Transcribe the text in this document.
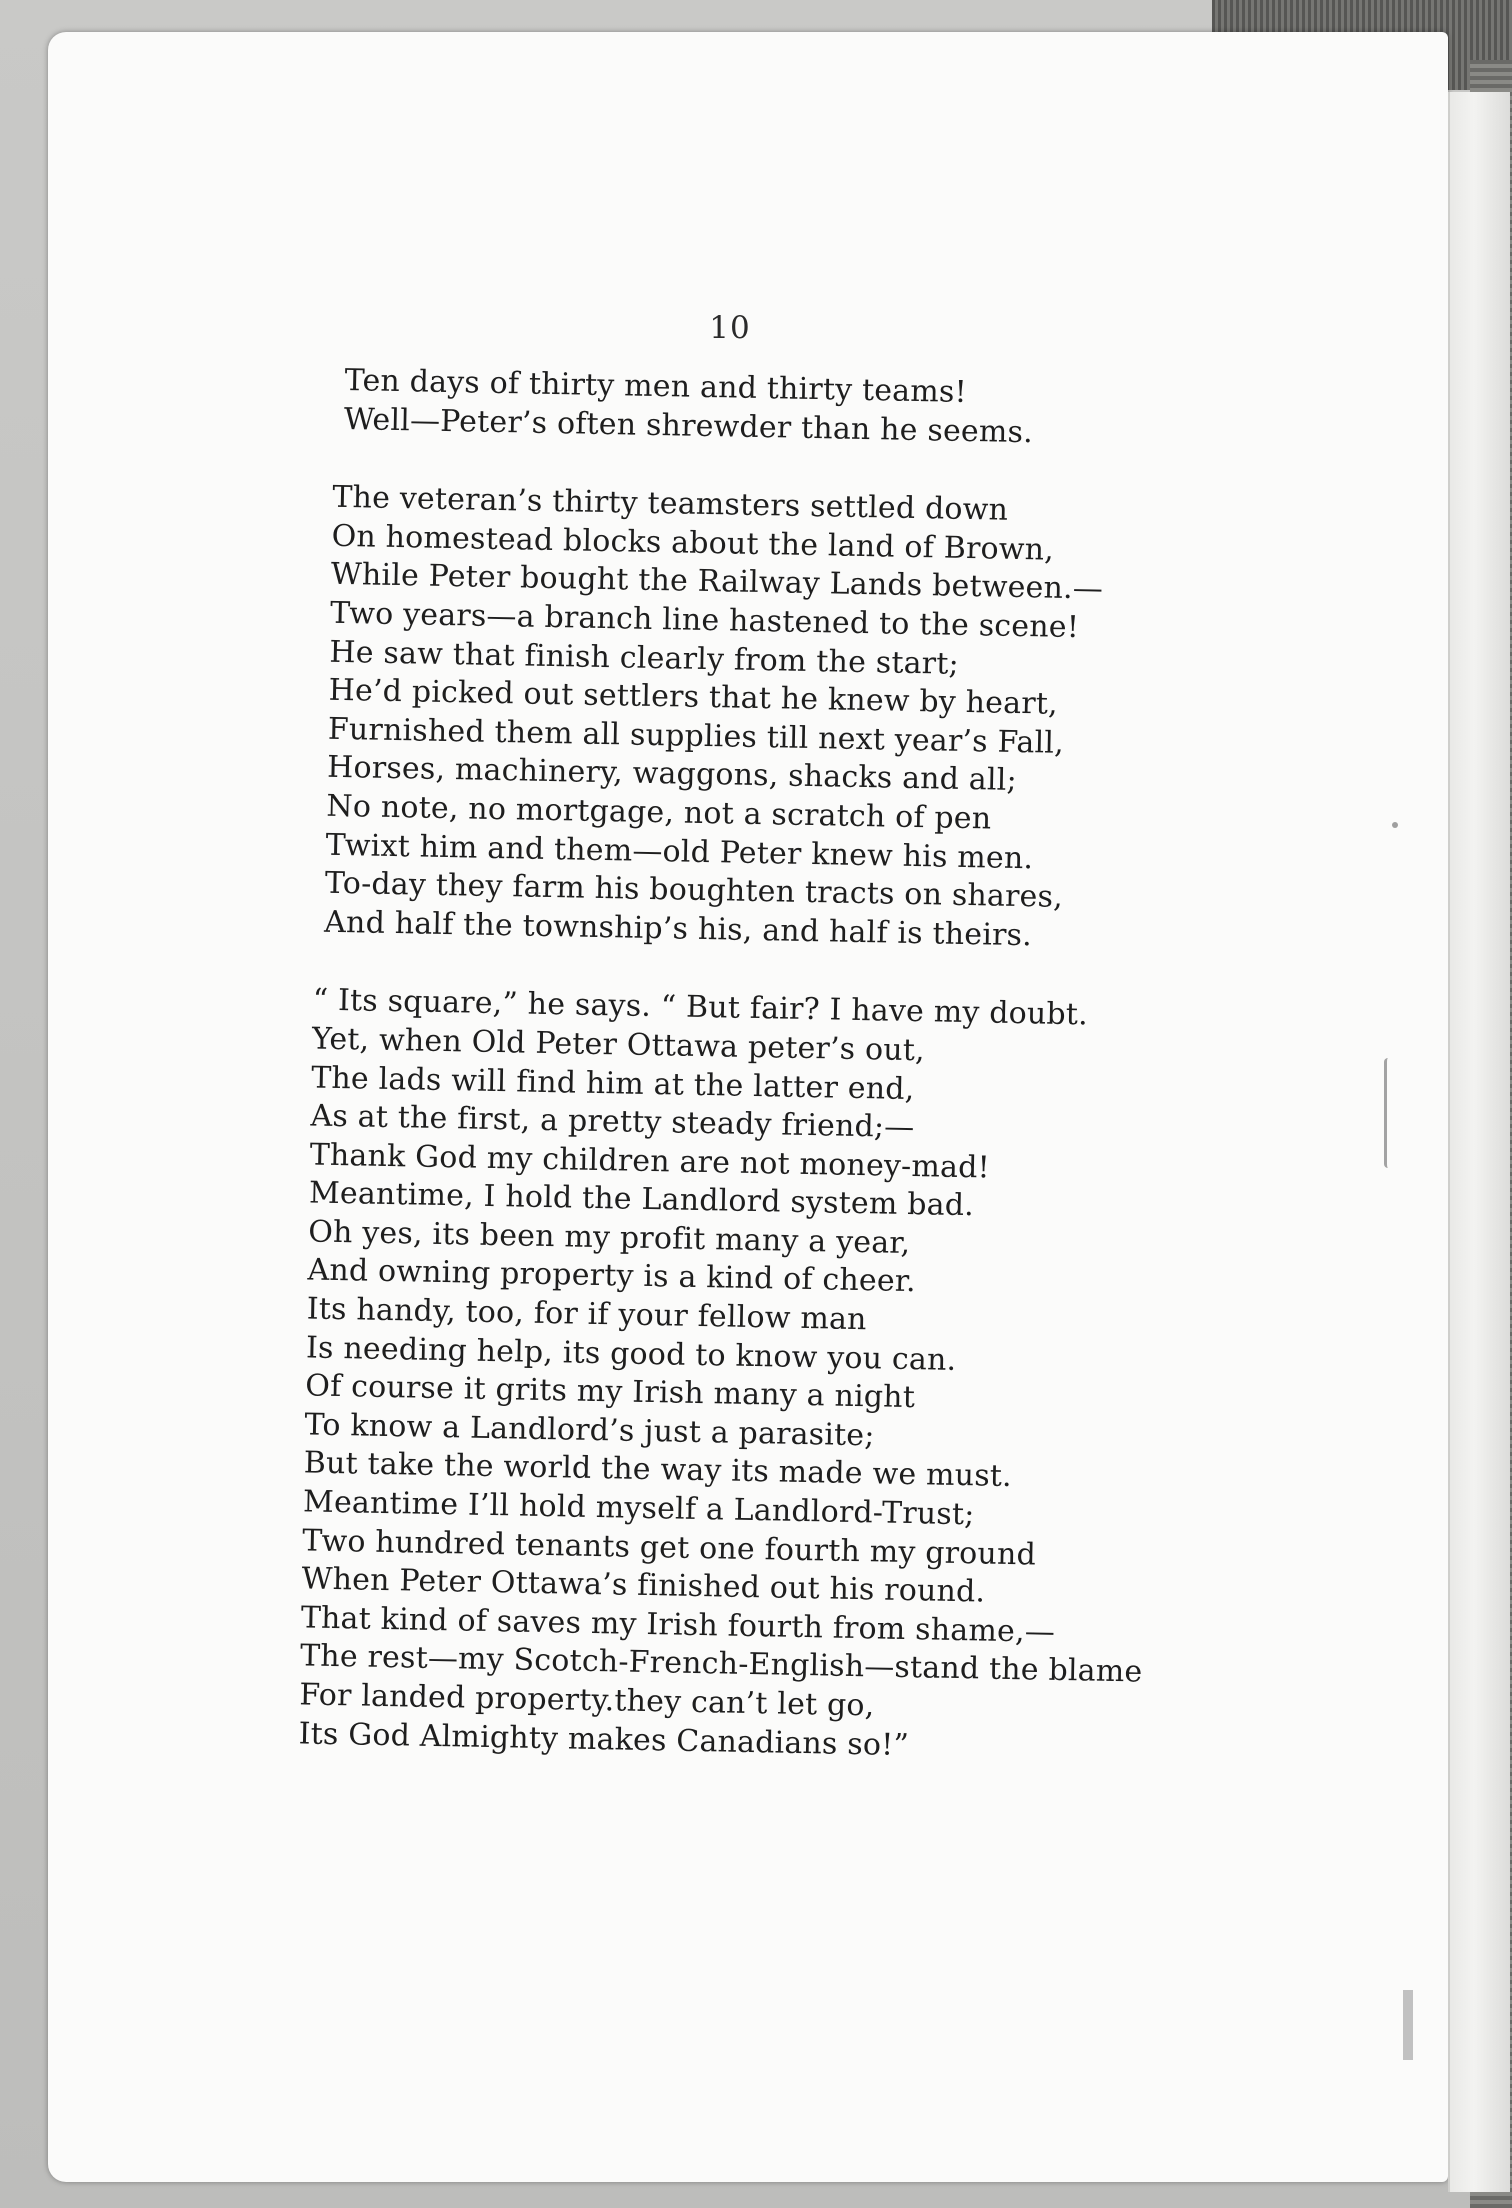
10
Ten days of thirty men and thirty teams!
Well—Peter’s often shrewder than he seems.
The veteran’s thirty teamsters settled down
On homestead blocks about the land of Brown,
While Peter bought the Railway Lands between.—
Two years—a branch line hastened to the scene!
He saw that finish clearly from the start;
He’d picked out settlers that he knew by heart,
Furnished them all supplies till next year’s Fall,
Horses, machinery, waggons, shacks and all;
No note, no mortgage, not a scratch of pen
Twixt him and them—old Peter knew his men.
To-day they farm his boughten tracts on shares,
And half the township’s his, and half is theirs.
“ Its square,” he says. “ But fair? I have my doubt.
Yet, when Old Peter Ottawa peter’s out,
The lads will find him at the latter end,
As at the first, a pretty steady friend;—
Thank God my children are not money-mad!
Meantime, I hold the Landlord system bad.
Oh yes, its been my profit many a year,
And owning property is a kind of cheer.
Its handy, too, for if your fellow man
Is needing help, its good to know you can.
Of course it grits my Irish many a night
To know a Landlord’s just a parasite;
But take the world the way its made we must.
Meantime I’ll hold myself a Landlord-Trust;
Two hundred tenants get one fourth my ground
When Peter Ottawa’s finished out his round.
That kind of saves my Irish fourth from shame,—
The rest—my Scotch-French-English—stand the blame
For landed property.they can’t let go,
Its God Almighty makes Canadians so!”
